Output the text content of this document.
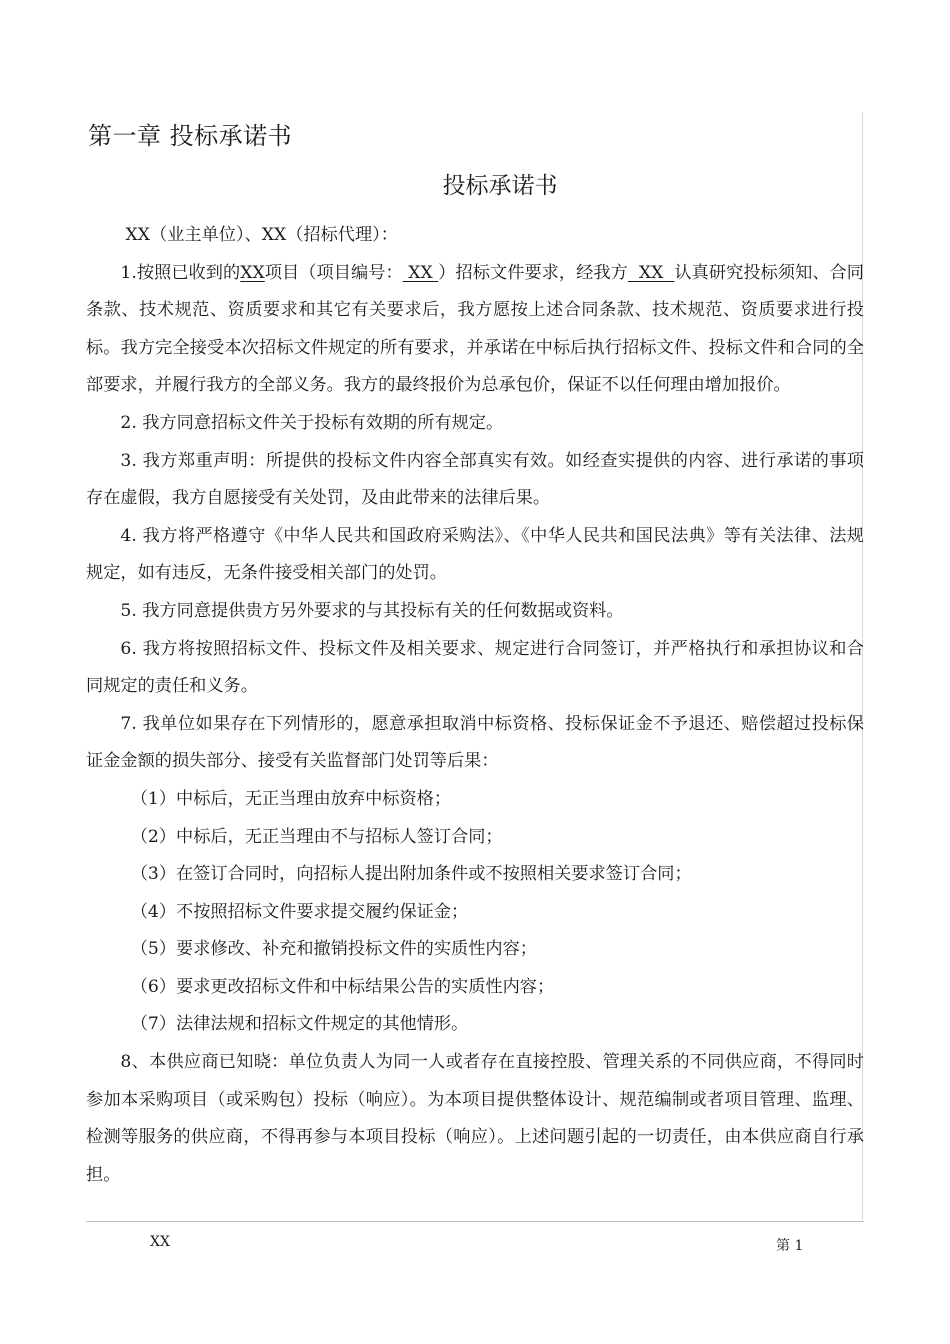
第一章 投标承诺书
投标承诺书

XX（业主单位）、XX（招标代理）：

1.按照已收到的XX项目（项目编号： XX ）招标文件要求，经我方  XX  认真研究投标须知、合同条款、技术规范、资质要求和其它有关要求后，我方愿按上述合同条款、技术规范、资质要求进行投标。我方完全接受本次招标文件规定的所有要求，并承诺在中标后执行招标文件、投标文件和合同的全部要求，并履行我方的全部义务。我方的最终报价为总承包价，保证不以任何理由增加报价。

2. 我方同意招标文件关于投标有效期的所有规定。

3. 我方郑重声明：所提供的投标文件内容全部真实有效。如经查实提供的内容、进行承诺的事项存在虚假，我方自愿接受有关处罚，及由此带来的法律后果。

4. 我方将严格遵守《中华人民共和国政府采购法》、《中华人民共和国民法典》等有关法律、法规规定，如有违反，无条件接受相关部门的处罚。

5. 我方同意提供贵方另外要求的与其投标有关的任何数据或资料。

6. 我方将按照招标文件、投标文件及相关要求、规定进行合同签订，并严格执行和承担协议和合同规定的责任和义务。

7. 我单位如果存在下列情形的，愿意承担取消中标资格、投标保证金不予退还、赔偿超过投标保证金金额的损失部分、接受有关监督部门处罚等后果：

（1）中标后，无正当理由放弃中标资格；

（2）中标后，无正当理由不与招标人签订合同；

（3）在签订合同时，向招标人提出附加条件或不按照相关要求签订合同；

（4）不按照招标文件要求提交履约保证金；

（5）要求修改、补充和撤销投标文件的实质性内容；

（6）要求更改招标文件和中标结果公告的实质性内容；

（7）法律法规和招标文件规定的其他情形。

8、本供应商已知晓：单位负责人为同一人或者存在直接控股、管理关系的不同供应商，不得同时参加本采购项目（或采购包）投标（响应）。为本项目提供整体设计、规范编制或者项目管理、监理、检测等服务的供应商，不得再参与本项目投标（响应）。上述问题引起的一切责任，由本供应商自行承担。

XX	第 1
